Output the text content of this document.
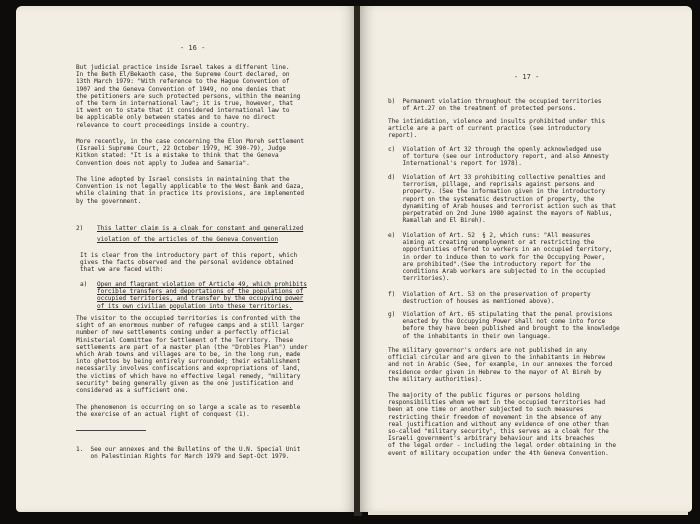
- 16 -
But judicial practice inside Israel takes a different line.
In the Beth El/Bekaoth case, the Supreme Court declared, on
13th March 1979: "With reference to the Hague Convention of
1907 and the Geneva Convention of 1949, no one denies that
the petitioners are such protected persons, within the meaning
of the term in international law"; it is true, however, that
it went on to state that it considered international law to
be applicable only between states and to have no direct
relevance to court proceedings inside a country.
More recently, in the case concerning the Elon Moreh settlement
(Israeli Supreme Court, 22 October 1979, HC 390-79), Judge
Kitkon stated: "It is a mistake to think that the Geneva
Convention does not apply to Judea and Samaria".
The line adopted by Israel consists in maintaining that the
Convention is not legally applicable to the West Bank and Gaza,
while claiming that in practice its provisions, are implemented
by the government.
2) This latter claim is a cloak for constant and generalized
violation of the articles of the Geneva Convention
It is clear from the introductory part of this report, which
gives the facts observed and the personal evidence obtained
that we are faced with:
a) Open and flagrant violation of Article 49, which prohibits
forcible transfers and deportations of the populations of
occupied territories, and transfer by the occupying power
of its own civilian population into these territories.
The visitor to the occupied territories is confronted with the
sight of an enormous number of refugee camps and a still larger
number of new settlements coming under a perfectly official
Ministerial Committee for Settlement of the Territory. These
settlements are part of a master plan (the "Drobles Plan") under
which Arab towns and villages are to be, in the long run, made
into ghettos by being entirely surrounded; their establishment
necessarily involves confiscations and expropriations of land,
the victims of which have no effective legal remedy, "military
security" being generally given as the one justification and
considered as a sufficient one.
The phenomenon is occurring on so large a scale as to resemble
the exercise of an actual right of conquest (1).
1.  See our annexes and the Bulletins of the U.N. Special Unit
on Palestinian Rights for March 1979 and Sept-Oct 1979.
- 17 -
b)  Permanent violation throughout the occupied territories
of Art.27 on the treatment of protected persons.
The intimidation, violence and insults prohibited under this
article are a part of current practice (see introductory
report).
c)  Violation of Art 32 through the openly acknowledged use
of torture (see our introductory report, and also Amnesty
International's report for 1978).
d)  Violation of Art 33 prohibiting collective penalties and
terrorism, pillage, and reprisals against persons and
property. (See the information given in the introductory
report on the systematic destruction of property, the
dynamiting of Arab houses and terrorist action such as that
perpetrated on 2nd June 1980 against the mayors of Nablus,
Ramallah and El Bireh).
e)  Violation of Art. 52  § 2, which runs: "All measures
aiming at creating unemployment or at restricting the
opportunities offered to workers in an occupied territory,
in order to induce them to work for the Occupying Power,
are prohibited".(See the introductory report for the
conditions Arab workers are subjected to in the occupied
territories).
f)  Violation of Art. 53 on the preservation of property
destruction of houses as mentioned above).
g)  Violation of Art. 65 stipulating that the penal provisions
enacted by the Occupying Power shall not come into force
before they have been published and brought to the knowledge
of the inhabitants in their own language.
The military governor's orders are not published in any
official circular and are given to the inhabitants in Hebrew
and not in Arabic (See, for example, in our annexes the forced
residence order given in Hebrew to the mayor of Al Bireh by
the military authorities).
The majority of the public figures or persons holding
responsibilities whom we met in the occupied territories had
been at one time or another subjected to such measures
restricting their freedom of movement in the absence of any
real justification and without any evidence of one other than
so-called "military security", this serves as a cloak for the
Israeli government's arbitrary behaviour and its breaches
of the legal order - including the legal order obtaining in the
event of military occupation under the 4th Geneva Convention.
